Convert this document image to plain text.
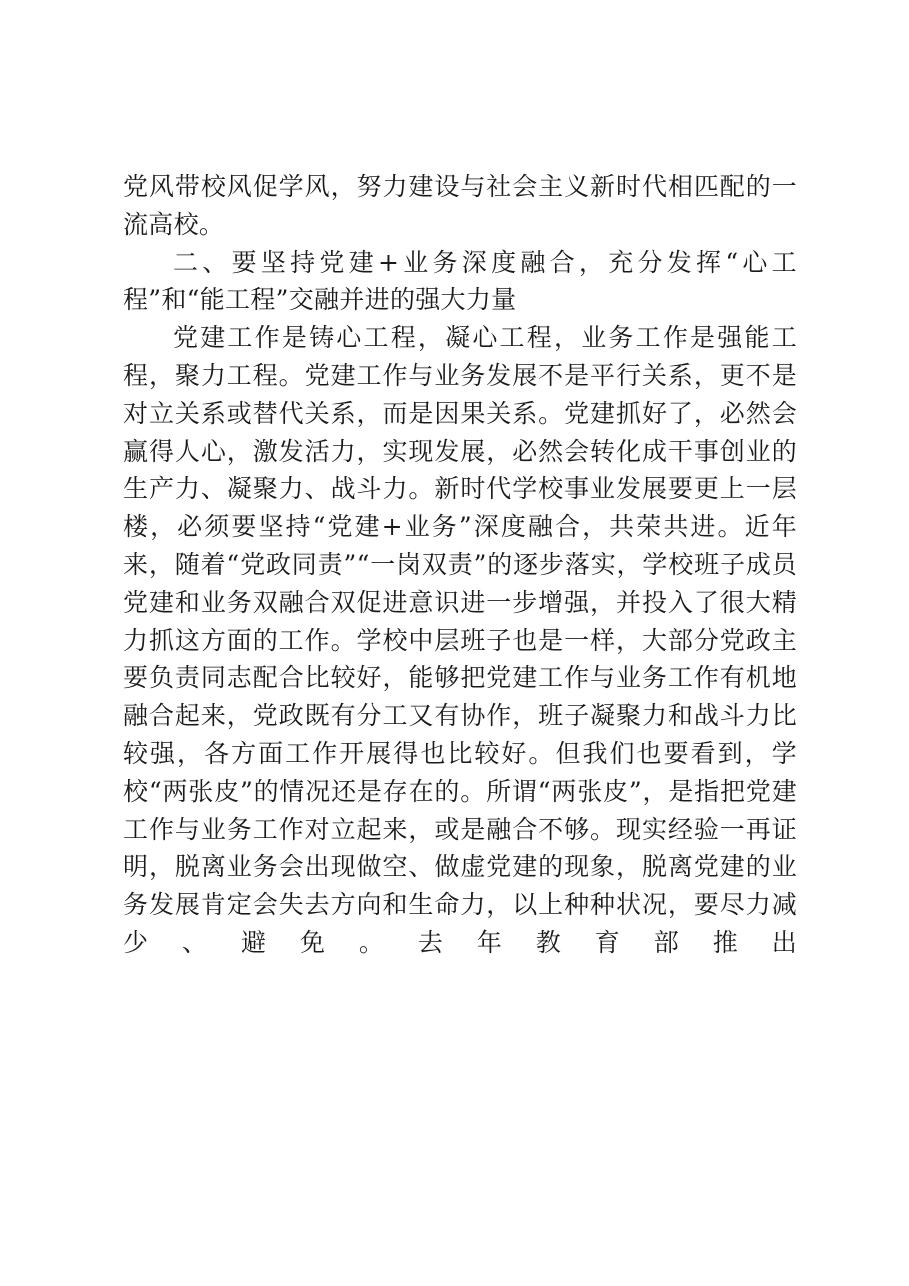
党风带校风促学风，努力建设与社会主义新时代相匹配的一流高校。

二、要坚持党建+业务深度融合，充分发挥“心工程”和“能工程”交融并进的强大力量

党建工作是铸心工程，凝心工程，业务工作是强能工程，聚力工程。党建工作与业务发展不是平行关系，更不是对立关系或替代关系，而是因果关系。党建抓好了，必然会赢得人心，激发活力，实现发展，必然会转化成干事创业的生产力、凝聚力、战斗力。新时代学校事业发展要更上一层楼，必须要坚持“党建+业务”深度融合，共荣共进。近年来，随着“党政同责”“一岗双责”的逐步落实，学校班子成员党建和业务双融合双促进意识进一步增强，并投入了很大精力抓这方面的工作。学校中层班子也是一样，大部分党政主要负责同志配合比较好，能够把党建工作与业务工作有机地融合起来，党政既有分工又有协作，班子凝聚力和战斗力比较强，各方面工作开展得也比较好。但我们也要看到，学校“两张皮”的情况还是存在的。所谓“两张皮”，是指把党建工作与业务工作对立起来，或是融合不够。现实经验一再证明，脱离业务会出现做空、做虚党建的现象，脱离党建的业务发展肯定会失去方向和生命力，以上种种状况，要尽力减少、避免。去年教育部推出
